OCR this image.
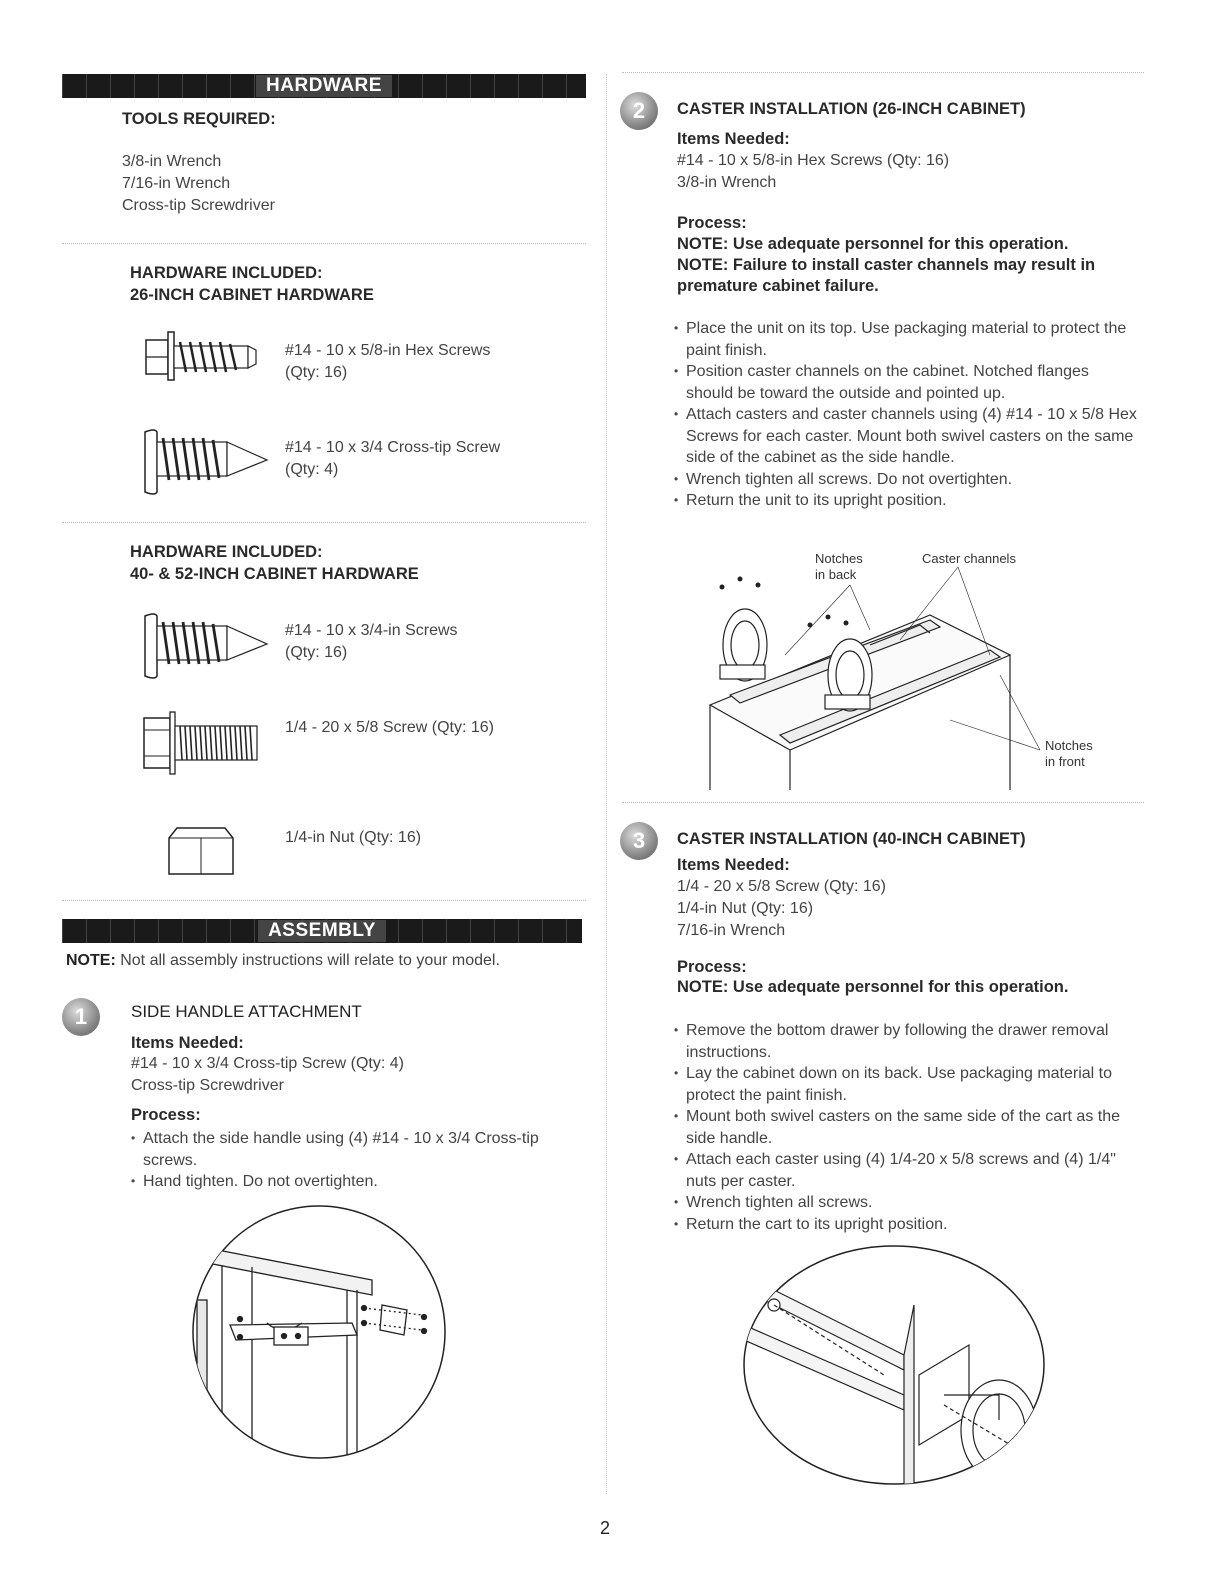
HARDWARE
TOOLS REQUIRED:
3/8-in Wrench
7/16-in Wrench
Cross-tip Screwdriver
HARDWARE INCLUDED:
26-INCH CABINET HARDWARE
#14 - 10 x 5/8-in Hex Screws
(Qty: 16)
#14 - 10 x 3/4 Cross-tip Screw
(Qty: 4)
HARDWARE INCLUDED:
40- & 52-INCH CABINET HARDWARE
#14 - 10 x 3/4-in Screws
(Qty: 16)
1/4 - 20 x 5/8 Screw (Qty: 16)
1/4-in Nut (Qty: 16)
ASSEMBLY
NOTE: Not all assembly instructions will relate to your model.
1	SIDE HANDLE ATTACHMENT
Items Needed:
#14 - 10 x 3/4 Cross-tip Screw (Qty: 4)
Cross-tip Screwdriver
Process:
• Attach the side handle using (4) #14 - 10 x 3/4 Cross-tip screws.
• Hand tighten. Do not overtighten.
2	CASTER INSTALLATION (26-INCH CABINET)
Items Needed:
#14 - 10 x 5/8-in Hex Screws (Qty: 16)
3/8-in Wrench
Process:
NOTE: Use adequate personnel for this operation.
NOTE: Failure to install caster channels may result in premature cabinet failure.
• Place the unit on its top. Use packaging material to protect the paint finish.
• Position caster channels on the cabinet. Notched flanges should be toward the outside and pointed up.
• Attach casters and caster channels using (4) #14 - 10 x 5/8 Hex Screws for each caster. Mount both swivel casters on the same side of the cabinet as the side handle.
• Wrench tighten all screws. Do not overtighten.
• Return the unit to its upright position.
Notches
in back
Caster channels
Notches
in front
3	CASTER INSTALLATION (40-INCH CABINET)
Items Needed:
1/4 - 20 x 5/8 Screw (Qty: 16)
1/4-in Nut (Qty: 16)
7/16-in Wrench
Process:
NOTE: Use adequate personnel for this operation.
• Remove the bottom drawer by following the drawer removal instructions.
• Lay the cabinet down on its back. Use packaging material to protect the paint finish.
• Mount both swivel casters on the same side of the cart as the side handle.
• Attach each caster using (4) 1/4-20 x 5/8 screws and (4) 1/4" nuts per caster.
• Wrench tighten all screws.
• Return the cart to its upright position.
2
